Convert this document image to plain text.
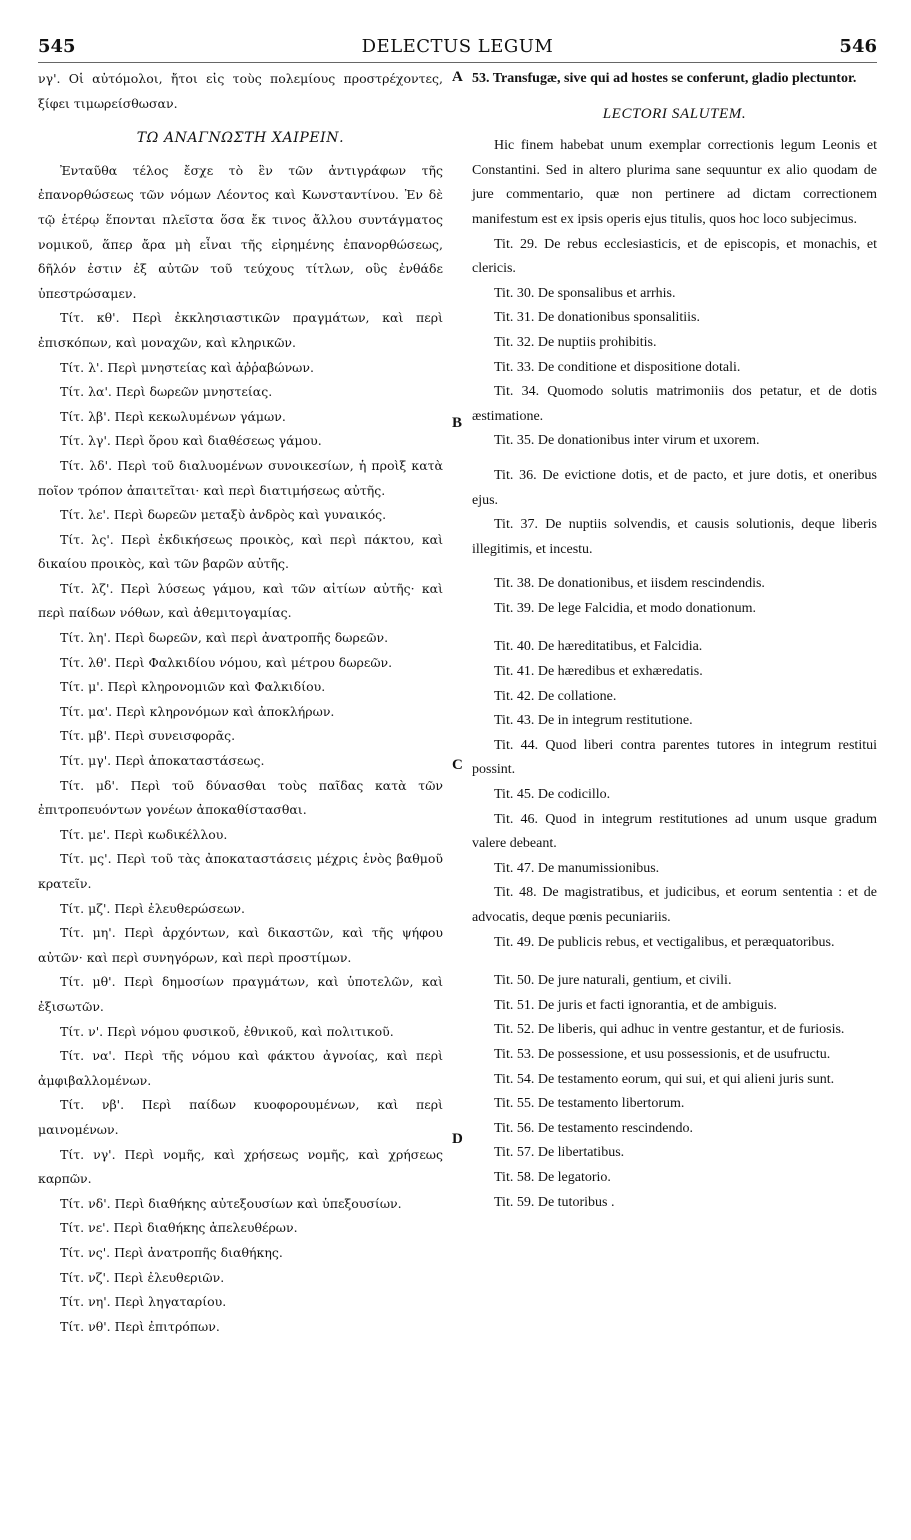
545	DELECTUS LEGUM	546
A
B
C
D

νγ'. Οἱ αὐτόμολοι, ἤτοι εἰς τοὺς πολεμίους προστρέχοντες, ξίφει τιμωρείσθωσαν.

ΤΩ ΑΝΑΓΝΩΣΤΗ ΧΑΙΡΕΙΝ.

Ἐνταῦθα τέλος ἔσχε τὸ ἓν τῶν ἀντιγράφων τῆς ἐπανορθώσεως τῶν νόμων Λέοντος καὶ Κωνσταντίνου. Ἐν δὲ τῷ ἑτέρῳ ἕπονται πλεῖστα ὅσα ἔκ τινος ἄλλου συντάγματος νομικοῦ, ἅπερ ἄρα μὴ εἶναι τῆς εἰρημένης ἐπανορθώσεως, δῆλόν ἐστιν ἐξ αὐτῶν τοῦ τεύχους τίτλων, οὓς ἐνθάδε ὑπεστρώσαμεν.

Τίτ. κθ'. Περὶ ἐκκλησιαστικῶν πραγμάτων, καὶ περὶ ἐπισκόπων, καὶ μοναχῶν, καὶ κληρικῶν.

Τίτ. λ'. Περὶ μνηστείας καὶ ἀῤῥαβώνων.

Τίτ. λα'. Περὶ δωρεῶν μνηστείας.

Τίτ. λβ'. Περὶ κεκωλυμένων γάμων.

Τίτ. λγ'. Περὶ ὅρου καὶ διαθέσεως γάμου.

Τίτ. λδ'. Περὶ τοῦ διαλυομένων συνοικεσίων, ἡ προὶξ κατὰ ποῖον τρόπον ἀπαιτεῖται· καὶ περὶ διατιμήσεως αὐτῆς.

Τίτ. λε'. Περὶ δωρεῶν μεταξὺ ἀνδρὸς καὶ γυναικός.

Τίτ. λς'. Περὶ ἐκδικήσεως προικὸς, καὶ περὶ πάκτου, καὶ δικαίου προικὸς, καὶ τῶν βαρῶν αὐτῆς.

Τίτ. λζ'. Περὶ λύσεως γάμου, καὶ τῶν αἰτίων αὐτῆς· καὶ περὶ παίδων νόθων, καὶ ἀθεμιτογαμίας.

Τίτ. λη'. Περὶ δωρεῶν, καὶ περὶ ἀνατροπῆς δωρεῶν.

Τίτ. λθ'. Περὶ Φαλκιδίου νόμου, καὶ μέτρου δωρεῶν.

Τίτ. μ'. Περὶ κληρονομιῶν καὶ Φαλκιδίου.

Τίτ. μα'. Περὶ κληρονόμων καὶ ἀποκλήρων.

Τίτ. μβ'. Περὶ συνεισφορᾶς.

Τίτ. μγ'. Περὶ ἀποκαταστάσεως.

Τίτ. μδ'. Περὶ τοῦ δύνασθαι τοὺς παῖδας κατὰ τῶν ἐπιτροπευόντων γονέων ἀποκαθίστασθαι.

Τίτ. με'. Περὶ κωδικέλλου.

Τίτ. μς'. Περὶ τοῦ τὰς ἀποκαταστάσεις μέχρις ἑνὸς βαθμοῦ κρατεῖν.

Τίτ. μζ'. Περὶ ἐλευθερώσεων.

Τίτ. μη'. Περὶ ἀρχόντων, καὶ δικαστῶν, καὶ τῆς ψήφου αὐτῶν· καὶ περὶ συνηγόρων, καὶ περὶ προστίμων.

Τίτ. μθ'. Περὶ δημοσίων πραγμάτων, καὶ ὑποτελῶν, καὶ ἐξισωτῶν.

Τίτ. ν'. Περὶ νόμου φυσικοῦ, ἐθνικοῦ, καὶ πολιτικοῦ.

Τίτ. να'. Περὶ τῆς νόμου καὶ φάκτου ἀγνοίας, καὶ περὶ ἀμφιβαλλομένων.

Τίτ. νβ'. Περὶ παίδων κυοφορουμένων, καὶ περὶ μαινομένων.

Τίτ. νγ'. Περὶ νομῆς, καὶ χρήσεως νομῆς, καὶ χρήσεως καρπῶν.

Τίτ. νδ'. Περὶ διαθήκης αὐτεξουσίων καὶ ὑπεξουσίων.

Τίτ. νε'. Περὶ διαθήκης ἀπελευθέρων.

Τίτ. νς'. Περὶ ἀνατροπῆς διαθήκης.

Τίτ. νζ'. Περὶ ἐλευθεριῶν.

Τίτ. νη'. Περὶ ληγαταρίου.

Τίτ. νθ'. Περὶ ἐπιτρόπων.

53. Transfugæ, sive qui ad hostes se conferunt, gladio plectuntor.

LECTORI SALUTEM.

Hic finem habebat unum exemplar correctionis legum Leonis et Constantini. Sed in altero plurima sane sequuntur ex alio quodam de jure commentario, quæ non pertinere ad dictam correctionem manifestum est ex ipsis operis ejus titulis, quos hoc loco subjecimus.

Tit. 29. De rebus ecclesiasticis, et de episcopis, et monachis, et clericis.

Tit. 30. De sponsalibus et arrhis.

Tit. 31. De donationibus sponsalitiis.

Tit. 32. De nuptiis prohibitis.

Tit. 33. De conditione et dispositione dotali.

Tit. 34. Quomodo solutis matrimoniis dos petatur, et de dotis æstimatione.

Tit. 35. De donationibus inter virum et uxorem.

Tit. 36. De evictione dotis, et de pacto, et jure dotis, et oneribus ejus.

Tit. 37. De nuptiis solvendis, et causis solutionis, deque liberis illegitimis, et incestu.

Tit. 38. De donationibus, et iisdem rescindendis.

Tit. 39. De lege Falcidia, et modo donationum.

Tit. 40. De hæreditatibus, et Falcidia.

Tit. 41. De hæredibus et exhæredatis.

Tit. 42. De collatione.

Tit. 43. De in integrum restitutione.

Tit. 44. Quod liberi contra parentes tutores in integrum restitui possint.

Tit. 45. De codicillo.

Tit. 46. Quod in integrum restitutiones ad unum usque gradum valere debeant.

Tit. 47. De manumissionibus.

Tit. 48. De magistratibus, et judicibus, et eorum sententia : et de advocatis, deque pœnis pecuniariis.

Tit. 49. De publicis rebus, et vectigalibus, et peræquatoribus.

Tit. 50. De jure naturali, gentium, et civili.

Tit. 51. De juris et facti ignorantia, et de ambiguis.

Tit. 52. De liberis, qui adhuc in ventre gestantur, et de furiosis.

Tit. 53. De possessione, et usu possessionis, et de usufructu.

Tit. 54. De testamento eorum, qui sui, et qui alieni juris sunt.

Tit. 55. De testamento libertorum.

Tit. 56. De testamento rescindendo.

Tit. 57. De libertatibus.

Tit. 58. De legatorio.

Tit. 59. De tutoribus .
